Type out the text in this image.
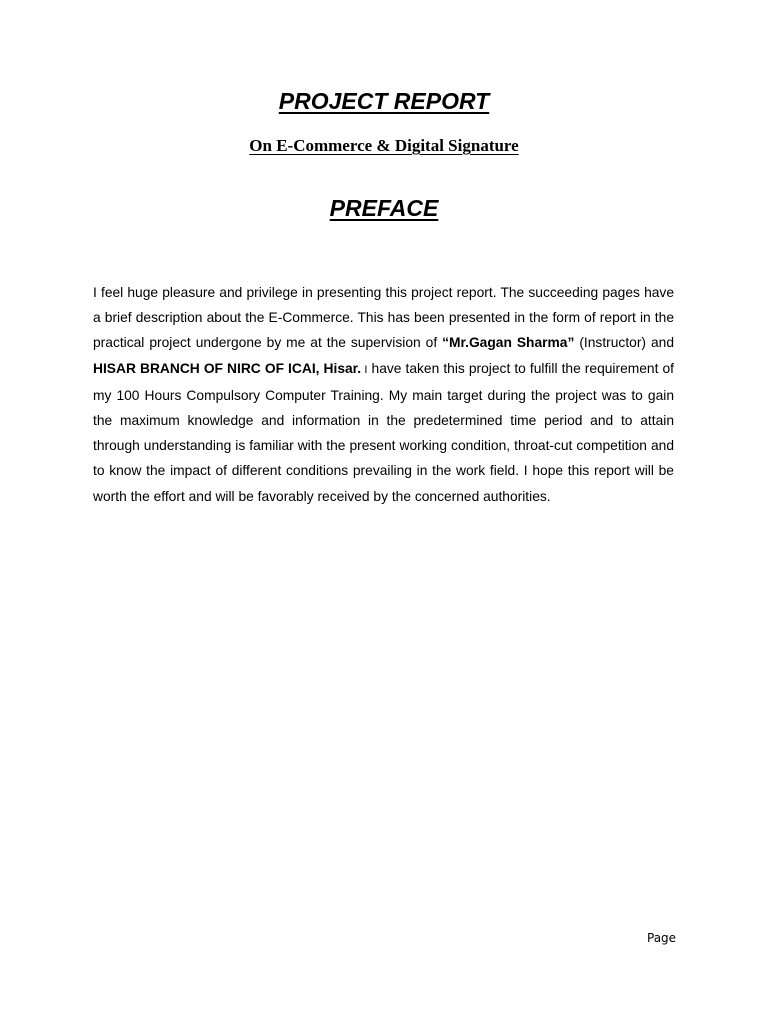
PROJECT REPORT
On E-Commerce & Digital Signature
PREFACE

I feel huge pleasure and privilege in presenting this project report. The succeeding pages have a brief description about the E-Commerce. This has been presented in the form of report in the practical project undergone by me at the supervision of “Mr.Gagan Sharma” (Instructor) and HISAR BRANCH OF NIRC OF ICAI, Hisar. I have taken this project to fulfill the requirement of my 100 Hours Compulsory Computer Training. My main target during the project was to gain the maximum knowledge and information in the predetermined time period and to attain through understanding is familiar with the present working condition, throat-cut competition and to know the impact of different conditions prevailing in the work field. I hope this report will be worth the effort and will be favorably received by the concerned authorities.

Page
